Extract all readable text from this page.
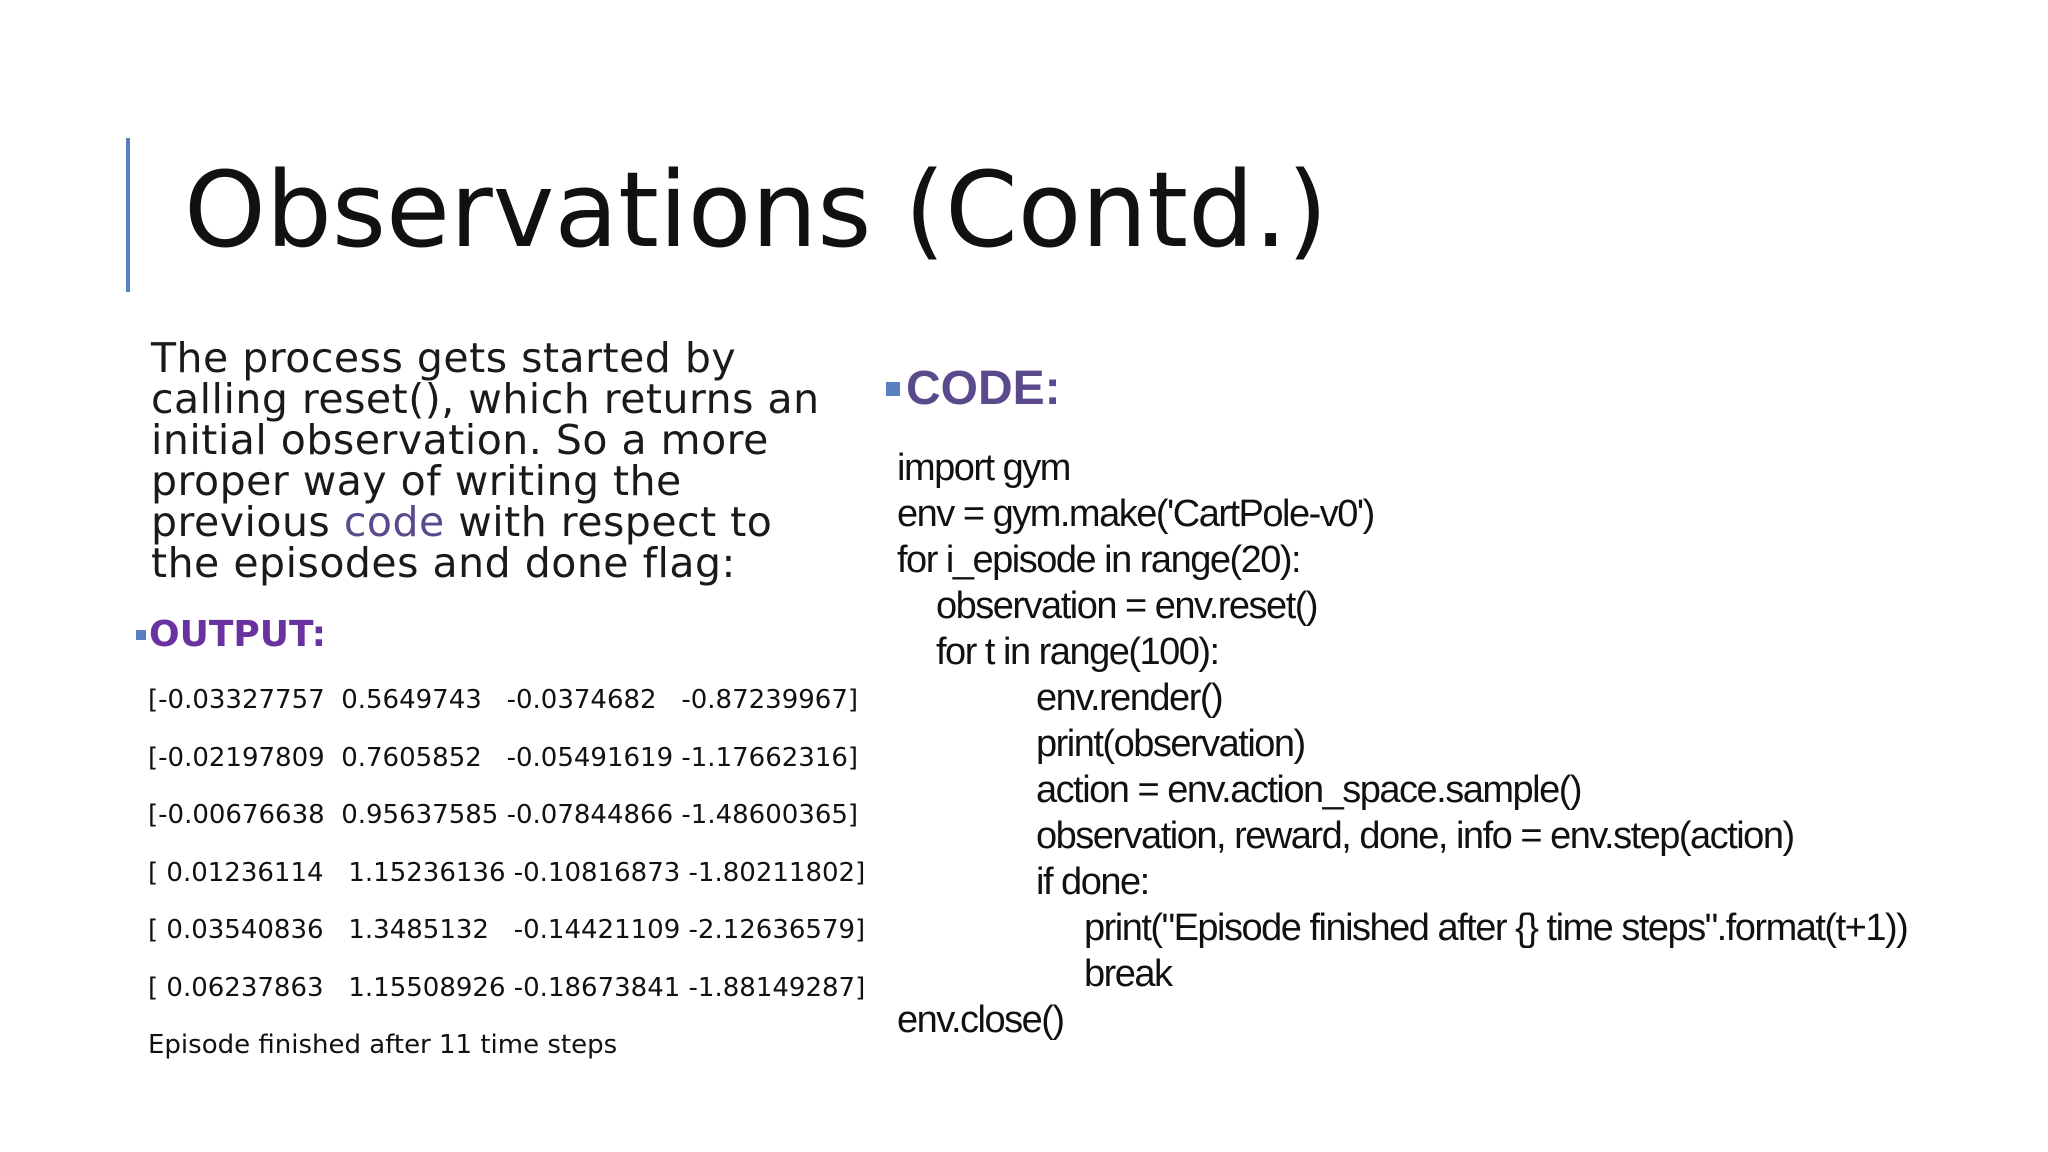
Observations (Contd.)

The process gets started by calling reset(), which returns an initial observation. So a more proper way of writing the previous code with respect to the episodes and done flag:

OUTPUT:
[-0.03327757  0.5649743   -0.0374682   -0.87239967]
[-0.02197809  0.7605852   -0.05491619 -1.17662316]
[-0.00676638  0.95637585 -0.07844866 -1.48600365]
[ 0.01236114   1.15236136 -0.10816873 -1.80211802]
[ 0.03540836   1.3485132   -0.14421109 -2.12636579]
[ 0.06237863   1.15508926 -0.18673841 -1.88149287]
Episode finished after 11 time steps
CODE:
import gym
env = gym.make('CartPole-v0')
for i_episode in range(20):
observation = env.reset()
for t in range(100):
env.render()
print(observation)
action = env.action_space.sample()
observation, reward, done, info = env.step(action)
if done:
print("Episode finished after {} time steps".format(t+1))
break
env.close()
